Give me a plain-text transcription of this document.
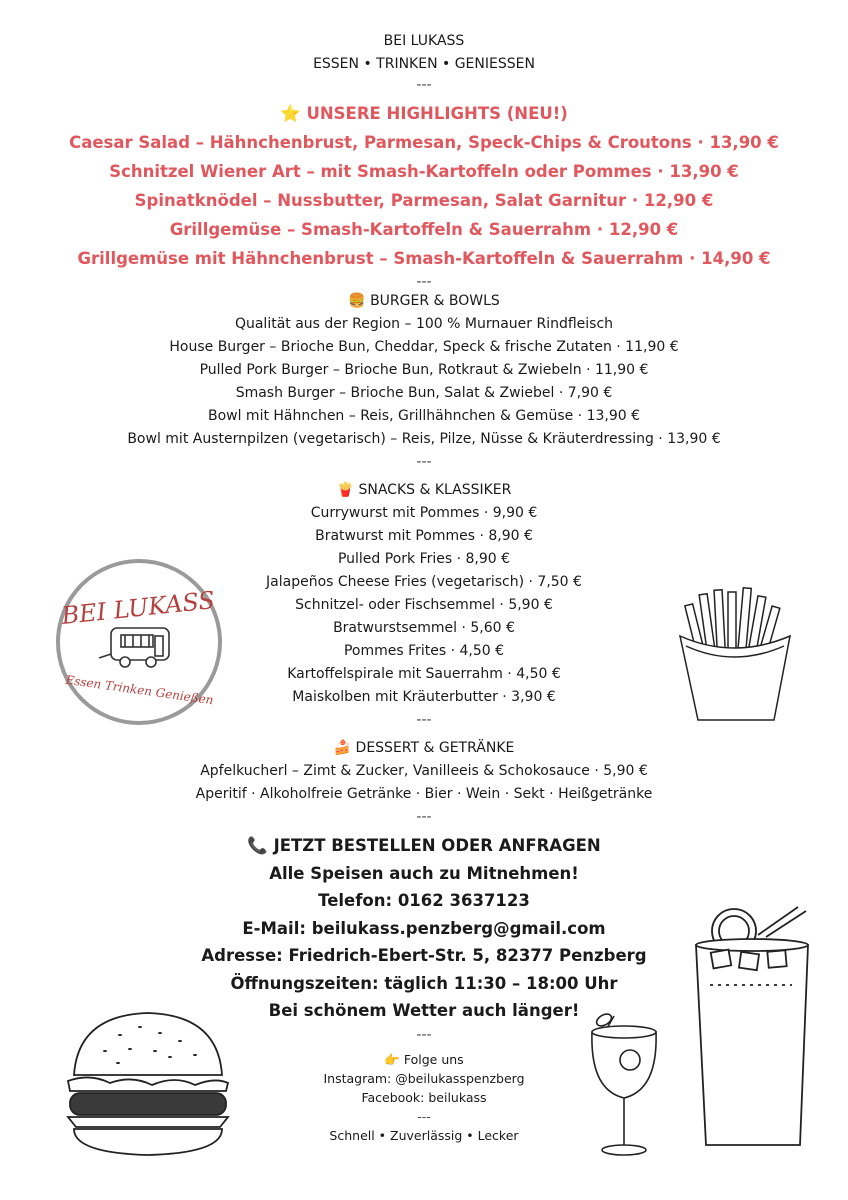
BEI LUKASS
ESSEN • TRINKEN • GENIESSEN
---
⭐ UNSERE HIGHLIGHTS (NEU!)
Caesar Salad – Hähnchenbrust, Parmesan, Speck-Chips & Croutons · 13,90 €
Schnitzel Wiener Art – mit Smash-Kartoffeln oder Pommes · 13,90 €
Spinatknödel – Nussbutter, Parmesan, Salat Garnitur · 12,90 €
Grillgemüse – Smash-Kartoffeln & Sauerrahm · 12,90 €
Grillgemüse mit Hähnchenbrust – Smash-Kartoffeln & Sauerrahm · 14,90 €
---
🍔 BURGER & BOWLS
Qualität aus der Region – 100 % Murnauer Rindfleisch
House Burger – Brioche Bun, Cheddar, Speck & frische Zutaten · 11,90 €
Pulled Pork Burger – Brioche Bun, Rotkraut & Zwiebeln · 11,90 €
Smash Burger – Brioche Bun, Salat & Zwiebel · 7,90 €
Bowl mit Hähnchen – Reis, Grillhähnchen & Gemüse · 13,90 €
Bowl mit Austernpilzen (vegetarisch) – Reis, Pilze, Nüsse & Kräuterdressing · 13,90 €
---
🍟 SNACKS & KLASSIKER
Currywurst mit Pommes · 9,90 €
Bratwurst mit Pommes · 8,90 €
Pulled Pork Fries · 8,90 €
Jalapeños Cheese Fries (vegetarisch) · 7,50 €
Schnitzel- oder Fischsemmel · 5,90 €
Bratwurstsemmel · 5,60 €
Pommes Frites · 4,50 €
Kartoffelspirale mit Sauerrahm · 4,50 €
Maiskolben mit Kräuterbutter · 3,90 €
---
🍰 DESSERT & GETRÄNKE
Apfelkucherl – Zimt & Zucker, Vanilleeis & Schokosauce · 5,90 €
Aperitif · Alkoholfreie Getränke · Bier · Wein · Sekt · Heißgetränke
---
📞 JETZT BESTELLEN ODER ANFRAGEN
Alle Speisen auch zu Mitnehmen!
Telefon: 0162 3637123
E-Mail: beilukass.penzberg@gmail.com
Adresse: Friedrich-Ebert-Str. 5, 82377 Penzberg
Öffnungszeiten: täglich 11:30 – 18:00 Uhr
Bei schönem Wetter auch länger!
---
👉 Folge uns
Instagram: @beilukasspenzberg
Facebook: beilukass
---
Schnell • Zuverlässig • Lecker
BEI LUKASS
Essen Trinken Genießen
